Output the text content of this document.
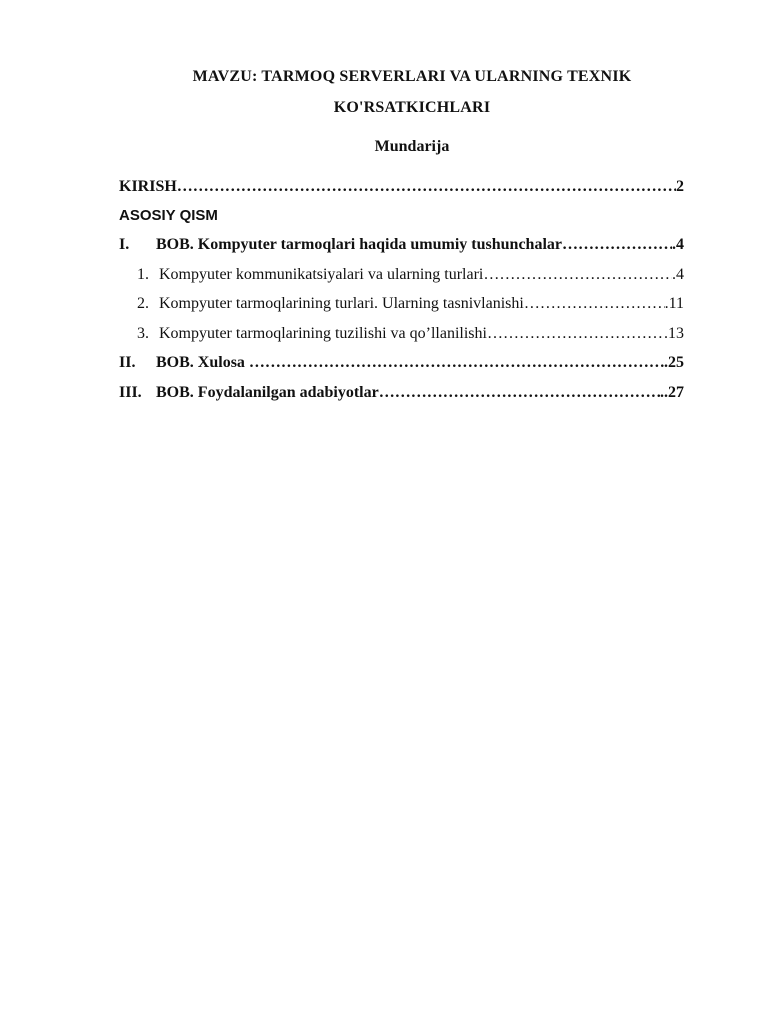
MAVZU: TARMOQ SERVERLARI VA ULARNING TEXNIK
KO'RSATKICHLARI
Mundarija
KIRISH ……………………………………………………………………………………………………………………………………………………………………………………	2
ASOSIY QISM
I.	BOB. Kompyuter tarmoqlari haqida umumiy tushunchalar ……………………………………………………………………………………………………………………………………………………………………………………	.4
1. Kompyuter kommunikatsiyalari va ularning turlari ……………………………………………………………………………………………………………………………………………………………………………………	.4
2. Kompyuter tarmoqlarining turlari. Ularning tasnivlanishi ……………………………………………………………………………………………………………………………………………………………………………………	.11
3. Kompyuter tarmoqlarining tuzilishi va qo’llanilishi ……………………………………………………………………………………………………………………………………………………………………………………	.13
II.	BOB. Xulosa ……………………………………………………………………………………………………………………………………………………………………………………	.25
III. BOB. Foydalanilgan adabiyotlar ……………………………………………………………………………………………………………………………………………………………………………………	..27
